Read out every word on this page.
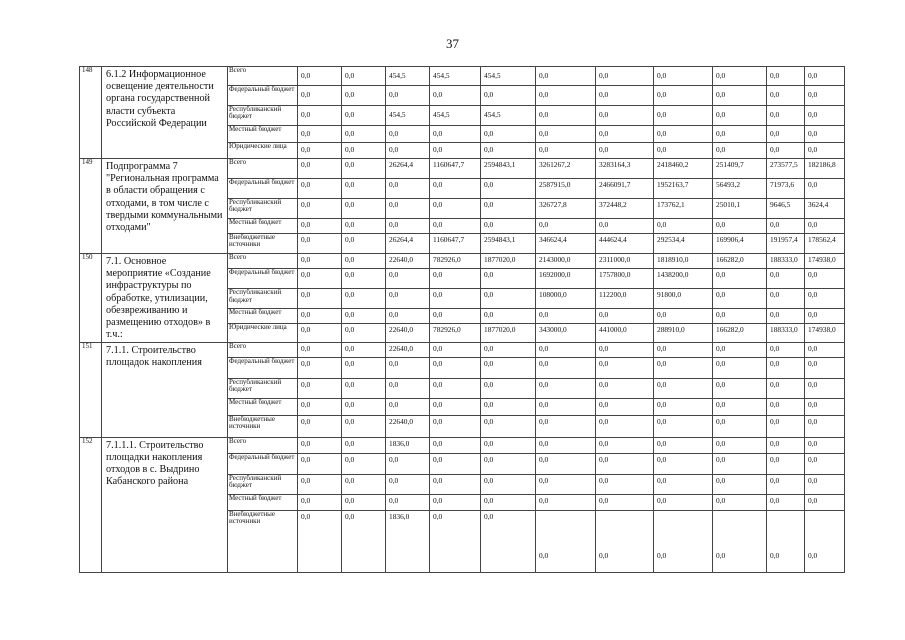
37
148	6.1.2 Информационное освещение деятельности органа государственной власти субъекта Российской Федерации	Всего	0,0	0,0	454,5	454,5	454,5	0,0	0,0	0,0	0,0	0,0	0,0
		Федеральный бюджет	0,0	0,0	0,0	0,0	0,0	0,0	0,0	0,0	0,0	0,0	0,0
		Республиканский бюджет	0,0	0,0	454,5	454,5	454,5	0,0	0,0	0,0	0,0	0,0	0,0
		Местный бюджет	0,0	0,0	0,0	0,0	0,0	0,0	0,0	0,0	0,0	0,0	0,0
		Юридические лица	0,0	0,0	0,0	0,0	0,0	0,0	0,0	0,0	0,0	0,0	0,0
149	Подпрограмма 7 "Региональная программа в области обращения с отходами, в том числе с твердыми коммунальными отходами"	Всего	0,0	0,0	26264,4	1160647,7	2594843,1	3261267,2	3283164,3	2418460,2	251409,7	273577,5	182186,8
		Федеральный бюджет	0,0	0,0	0,0	0,0	0,0	2587915,0	2466091,7	1952163,7	56493,2	71973,6	0,0
		Республиканский бюджет	0,0	0,0	0,0	0,0	0,0	326727,8	372448,2	173762,1	25010,1	9646,5	3624,4
		Местный бюджет	0,0	0,0	0,0	0,0	0,0	0,0	0,0	0,0	0,0	0,0	0,0
		Внебюджетные источники	0,0	0,0	26264,4	1160647,7	2594843,1	346624,4	444624,4	292534,4	169906,4	191957,4	178562,4
150	7.1. Основное мероприятие «Создание инфраструктуры по обработке, утилизации, обезвреживанию и размещению отходов» в т.ч.:	Всего	0,0	0,0	22640,0	782926,0	1877020,0	2143000,0	2311000,0	1818910,0	166282,0	188333,0	174938,0
		Федеральный бюджет	0,0	0,0	0,0	0,0	0,0	1692000,0	1757800,0	1438200,0	0,0	0,0	0,0
		Республиканский бюджет	0,0	0,0	0,0	0,0	0,0	108000,0	112200,0	91800,0	0,0	0,0	0,0
		Местный бюджет	0,0	0,0	0,0	0,0	0,0	0,0	0,0	0,0	0,0	0,0	0,0
		Юридические лица	0,0	0,0	22640,0	782926,0	1877020,0	343000,0	441000,0	288910,0	166282,0	188333,0	174938,0
151	7.1.1. Строительство площадок накопления	Всего	0,0	0,0	22640,0	0,0	0,0	0,0	0,0	0,0	0,0	0,0	0,0
		Федеральный бюджет	0,0	0,0	0,0	0,0	0,0	0,0	0,0	0,0	0,0	0,0	0,0
		Республиканский бюджет	0,0	0,0	0,0	0,0	0,0	0,0	0,0	0,0	0,0	0,0	0,0
		Местный бюджет	0,0	0,0	0,0	0,0	0,0	0,0	0,0	0,0	0,0	0,0	0,0
		Внебюджетные источники	0,0	0,0	22640,0	0,0	0,0	0,0	0,0	0,0	0,0	0,0	0,0
152	7.1.1.1. Строительство площадки накопления отходов в с. Выдрино Кабанского района	Всего	0,0	0,0	1836,0	0,0	0,0	0,0	0,0	0,0	0,0	0,0	0,0
		Федеральный бюджет	0,0	0,0	0,0	0,0	0,0	0,0	0,0	0,0	0,0	0,0	0,0
		Республиканский бюджет	0,0	0,0	0,0	0,0	0,0	0,0	0,0	0,0	0,0	0,0	0,0
		Местный бюджет	0,0	0,0	0,0	0,0	0,0	0,0	0,0	0,0	0,0	0,0	0,0
		Внебюджетные источники	0,0	0,0	1836,0	0,0	0,0	0,0	0,0	0,0	0,0	0,0	0,0
